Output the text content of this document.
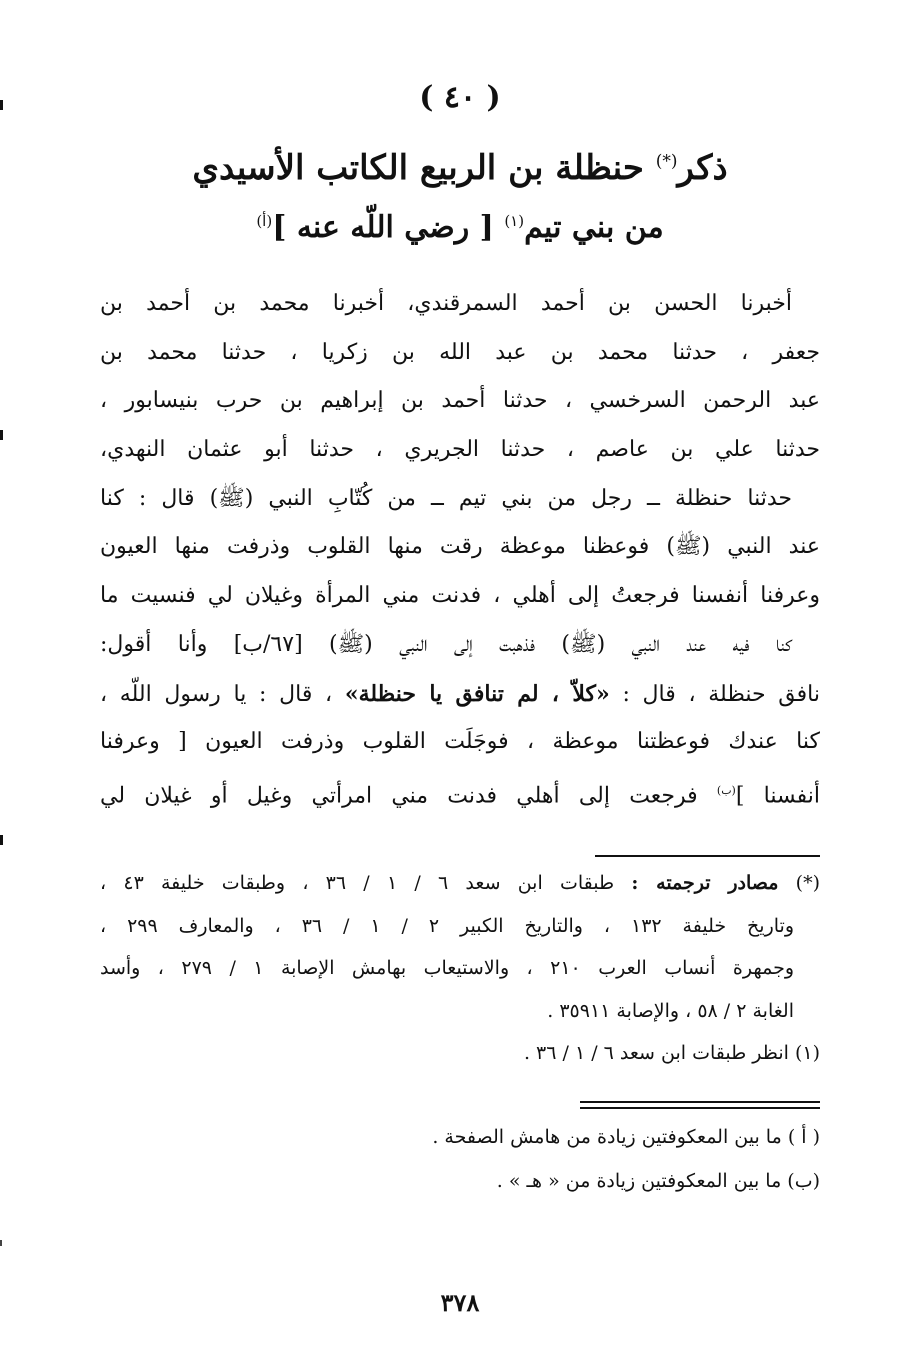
( ٤٠ )
ذكر(*) حنظلة بن الربيع الكاتب الأسيدي
من بني تيم$^{(١)}$ [ رضي اللّه عنه ]$^{(أ)}$
أخبرنا الحسن بن أحمد السمرقندي، أخبرنا محمد بن أحمد بن
جعفر ، حدثنا محمد بن عبد الله بن زكريا ، حدثنا محمد بن
عبد الرحمن السرخسي ، حدثنا أحمد بن إبراهيم بن حرب بنيسابور ،
حدثنا علي بن عاصم ، حدثنا الجريري ، حدثنا أبو عثمان النهدي،
حدثنا حنظلة ــ رجل من بني تيم ــ من كُتّابِ النبي (ﷺ) قال : كنا
عند النبي (ﷺ) فوعظنا موعظة رقت منها القلوب وذرفت منها العيون
وعرفنا أنفسنا فرجعتُ إلى أهلي ، فدنت مني المرأة وغيلان لي فنسيت ما
كنا فيه عند النبي (ﷺ) فذهبت إلى النبي (ﷺ) [٦٧/ب] وأنا أقول:
نافق حنظلة ، قال : «كلاّ ، لم تنافق يا حنظلة» ، قال : يا رسول اللّه ،
كنا عندك فوعظتنا موعظة ، فوجَلَت القلوب وذرفت العيون [ وعرفنا
أنفسنا ]$^{(ب)}$ فرجعت إلى أهلي فدنت مني امرأتي وغيل أو غيلان لي
(*) مصادر ترجمته : طبقات ابن سعد ٦ / ١ / ٣٦ ، وطبقات خليفة ٤٣ ،
وتاريخ خليفة ١٣٢ ، والتاريخ الكبير ٢ / ١ / ٣٦ ، والمعارف ٢٩٩ ،
وجمهرة أنساب العرب ٢١٠ ، والاستيعاب بهامش الإصابة ١ / ٢٧٩ ، وأسد
الغابة ٢ / ٥٨ ، والإصابة ٣٥٩١١ .
(١) انظر طبقات ابن سعد ٦ / ١ / ٣٦ .
( أ ) ما بين المعكوفتين زيادة من هامش الصفحة .
(ب) ما بين المعكوفتين زيادة من « هـ » .
٣٧٨
